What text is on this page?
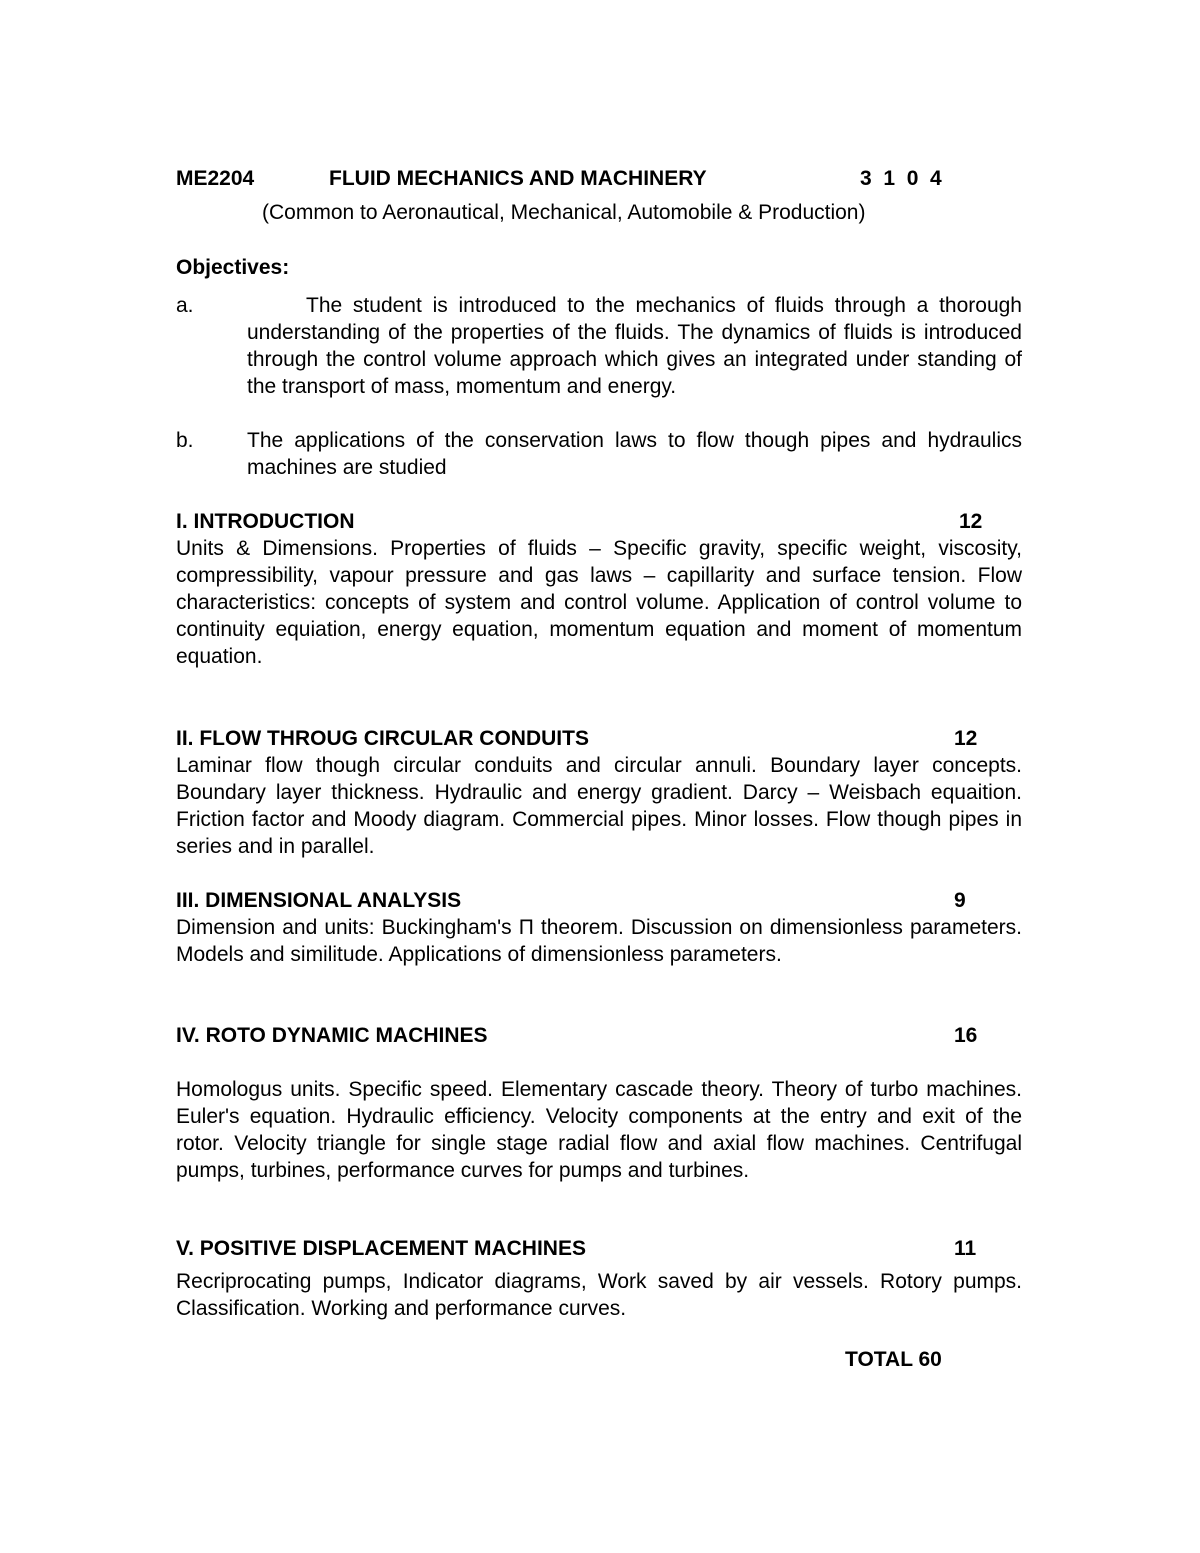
ME2204	FLUID MECHANICS AND MACHINERY	3  1  0  4
(Common to Aeronautical, Mechanical, Automobile & Production)
Objectives:
a.	The student is introduced to the mechanics of fluids through a thorough understanding of the properties of the fluids. The dynamics of fluids is introduced through the control volume approach which gives an integrated under standing of the transport of mass, momentum and energy.
b.	The applications of the conservation laws to flow though pipes and hydraulics machines are studied
I. INTRODUCTION	12
Units & Dimensions. Properties of fluids – Specific gravity, specific weight, viscosity, compressibility, vapour pressure and gas laws – capillarity and surface tension. Flow characteristics: concepts of system and control volume. Application of control volume to continuity equiation, energy equation, momentum equation and moment of momentum equation.
II. FLOW THROUG CIRCULAR CONDUITS	12
Laminar flow though circular conduits and circular annuli. Boundary layer concepts. Boundary layer thickness. Hydraulic and energy gradient. Darcy – Weisbach equaition. Friction factor and Moody diagram. Commercial pipes. Minor losses. Flow though pipes in series and in parallel.
III. DIMENSIONAL ANALYSIS	9
Dimension and units: Buckingham's Π theorem. Discussion on dimensionless parameters. Models and similitude. Applications of dimensionless parameters.
IV. ROTO DYNAMIC MACHINES	16
Homologus units. Specific speed. Elementary cascade theory. Theory of turbo machines. Euler's equation. Hydraulic efficiency. Velocity components at the entry and exit of the rotor. Velocity triangle for single stage radial flow and axial flow machines. Centrifugal pumps, turbines, performance curves for pumps and turbines.
V. POSITIVE DISPLACEMENT MACHINES	11
Recriprocating pumps, Indicator diagrams, Work saved by air vessels. Rotory pumps. Classification. Working and performance curves.
TOTAL 60
